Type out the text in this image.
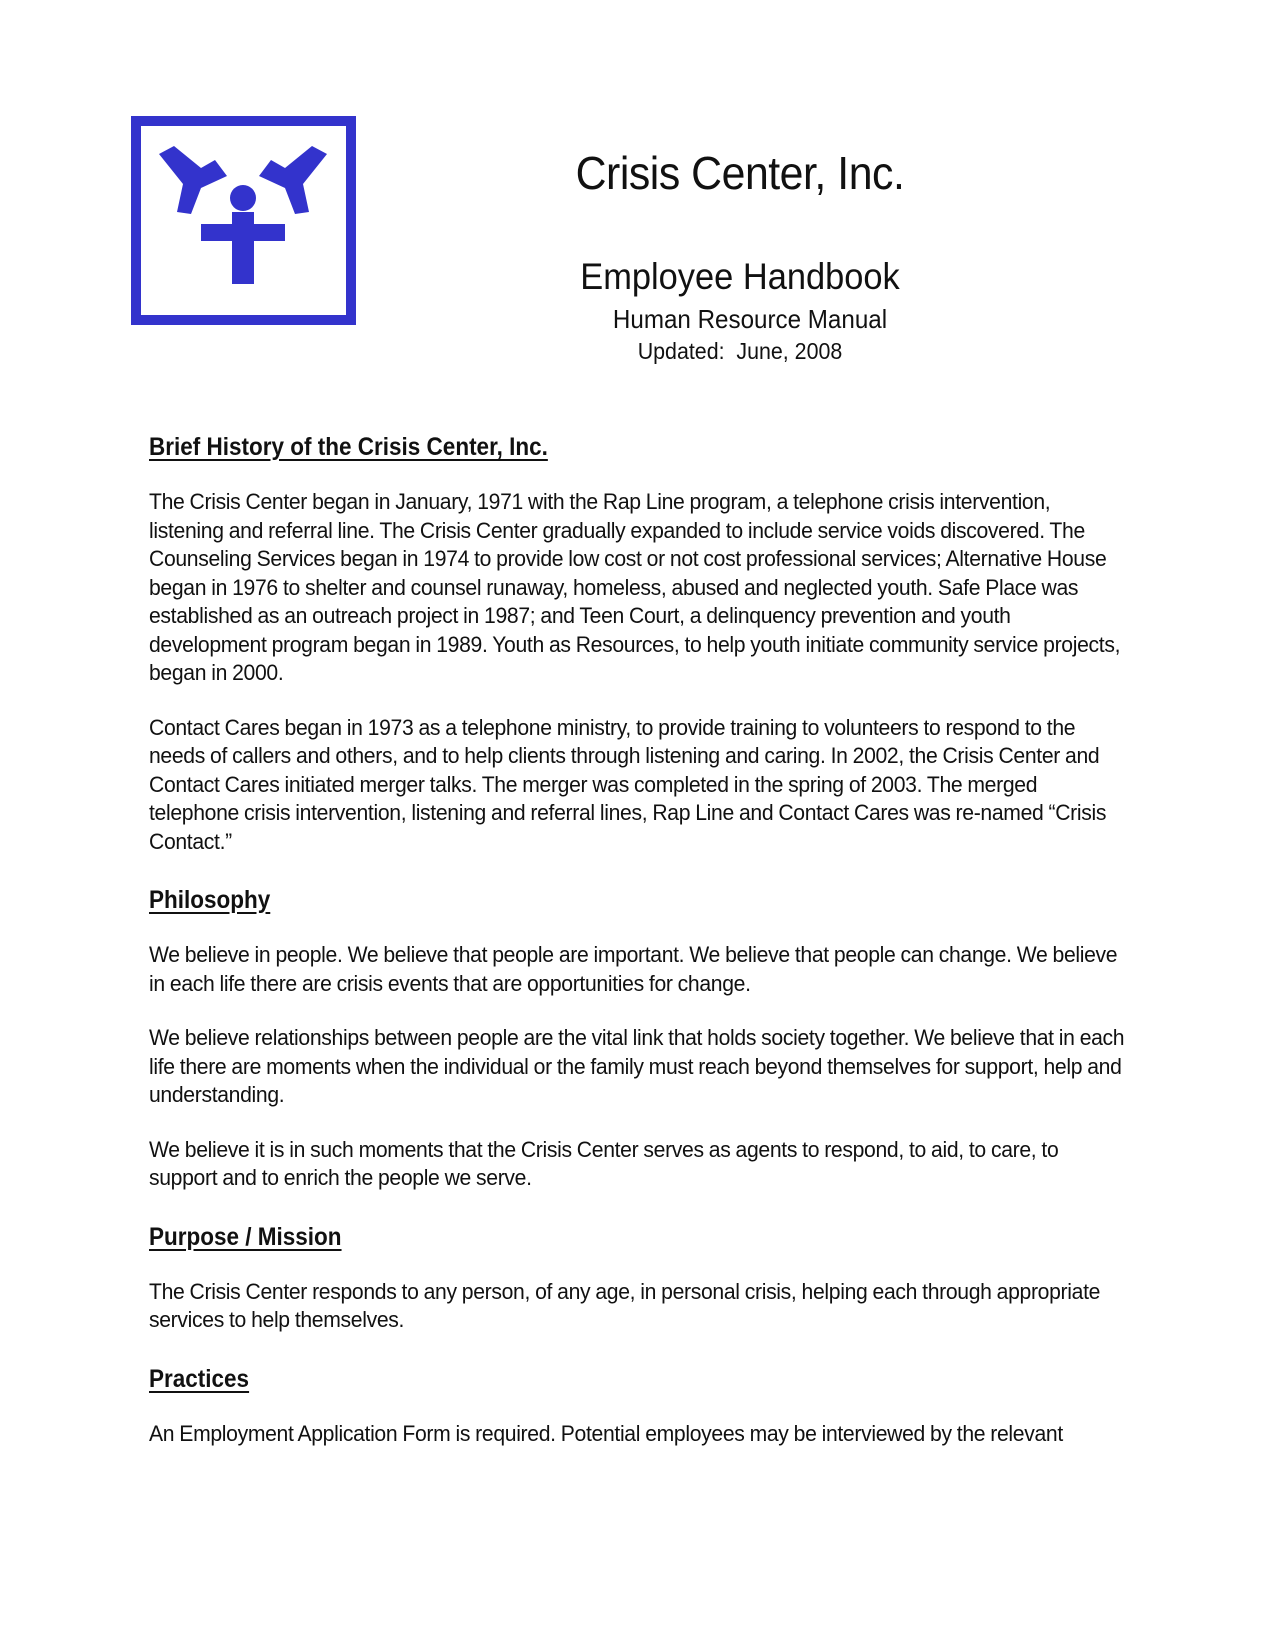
Crisis Center, Inc.
Employee Handbook
Human Resource Manual
Updated:  June, 2008
Brief History of the Crisis Center, Inc.

The Crisis Center began in January, 1971 with the Rap Line program, a telephone crisis intervention, listening and referral line. The Crisis Center gradually expanded to include service voids discovered. The Counseling Services began in 1974 to provide low cost or not cost professional services; Alternative House began in 1976 to shelter and counsel runaway, homeless, abused and neglected youth. Safe Place was established as an outreach project in 1987; and Teen Court, a delinquency prevention and youth development program began in 1989. Youth as Resources, to help youth initiate community service projects, began in 2000.

Contact Cares began in 1973 as a telephone ministry, to provide training to volunteers to respond to the needs of callers and others, and to help clients through listening and caring. In 2002, the Crisis Center and Contact Cares initiated merger talks. The merger was completed in the spring of 2003. The merged telephone crisis intervention, listening and referral lines, Rap Line and Contact Cares was re-named “Crisis Contact.”

Philosophy

We believe in people. We believe that people are important. We believe that people can change. We believe in each life there are crisis events that are opportunities for change.

We believe relationships between people are the vital link that holds society together. We believe that in each life there are moments when the individual or the family must reach beyond themselves for support, help and understanding.

We believe it is in such moments that the Crisis Center serves as agents to respond, to aid, to care, to support and to enrich the people we serve.

Purpose / Mission

The Crisis Center responds to any person, of any age, in personal crisis, helping each through appropriate services to help themselves.

Practices

An Employment Application Form is required. Potential employees may be interviewed by the relevant
